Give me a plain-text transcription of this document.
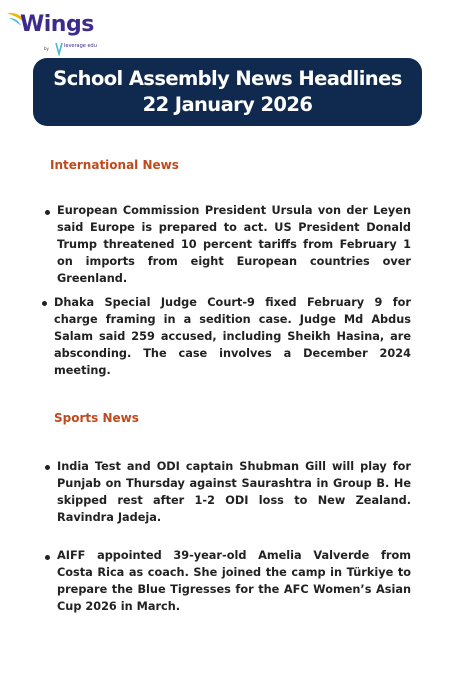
Wings
by	leverage edu
School Assembly News Headlines
22 January 2026
International News
European Commission President Ursula von der Leyen said Europe is prepared to act. US President Donald Trump threatened 10 percent tariffs from February 1 on imports from eight European countries over Greenland.
Dhaka Special Judge Court-9 fixed February 9 for charge framing in a sedition case. Judge Md Abdus Salam said 259 accused, including Sheikh Hasina, are absconding. The case involves a December 2024 meeting.
Sports News
India Test and ODI captain Shubman Gill will play for Punjab on Thursday against Saurashtra in Group B. He skipped rest after 1-2 ODI loss to New Zealand. Ravindra Jadeja.
AIFF appointed 39-year-old Amelia Valverde from Costa Rica as coach. She joined the camp in Türkiye to prepare the Blue Tigresses for the AFC Women’s Asian Cup 2026 in March.
